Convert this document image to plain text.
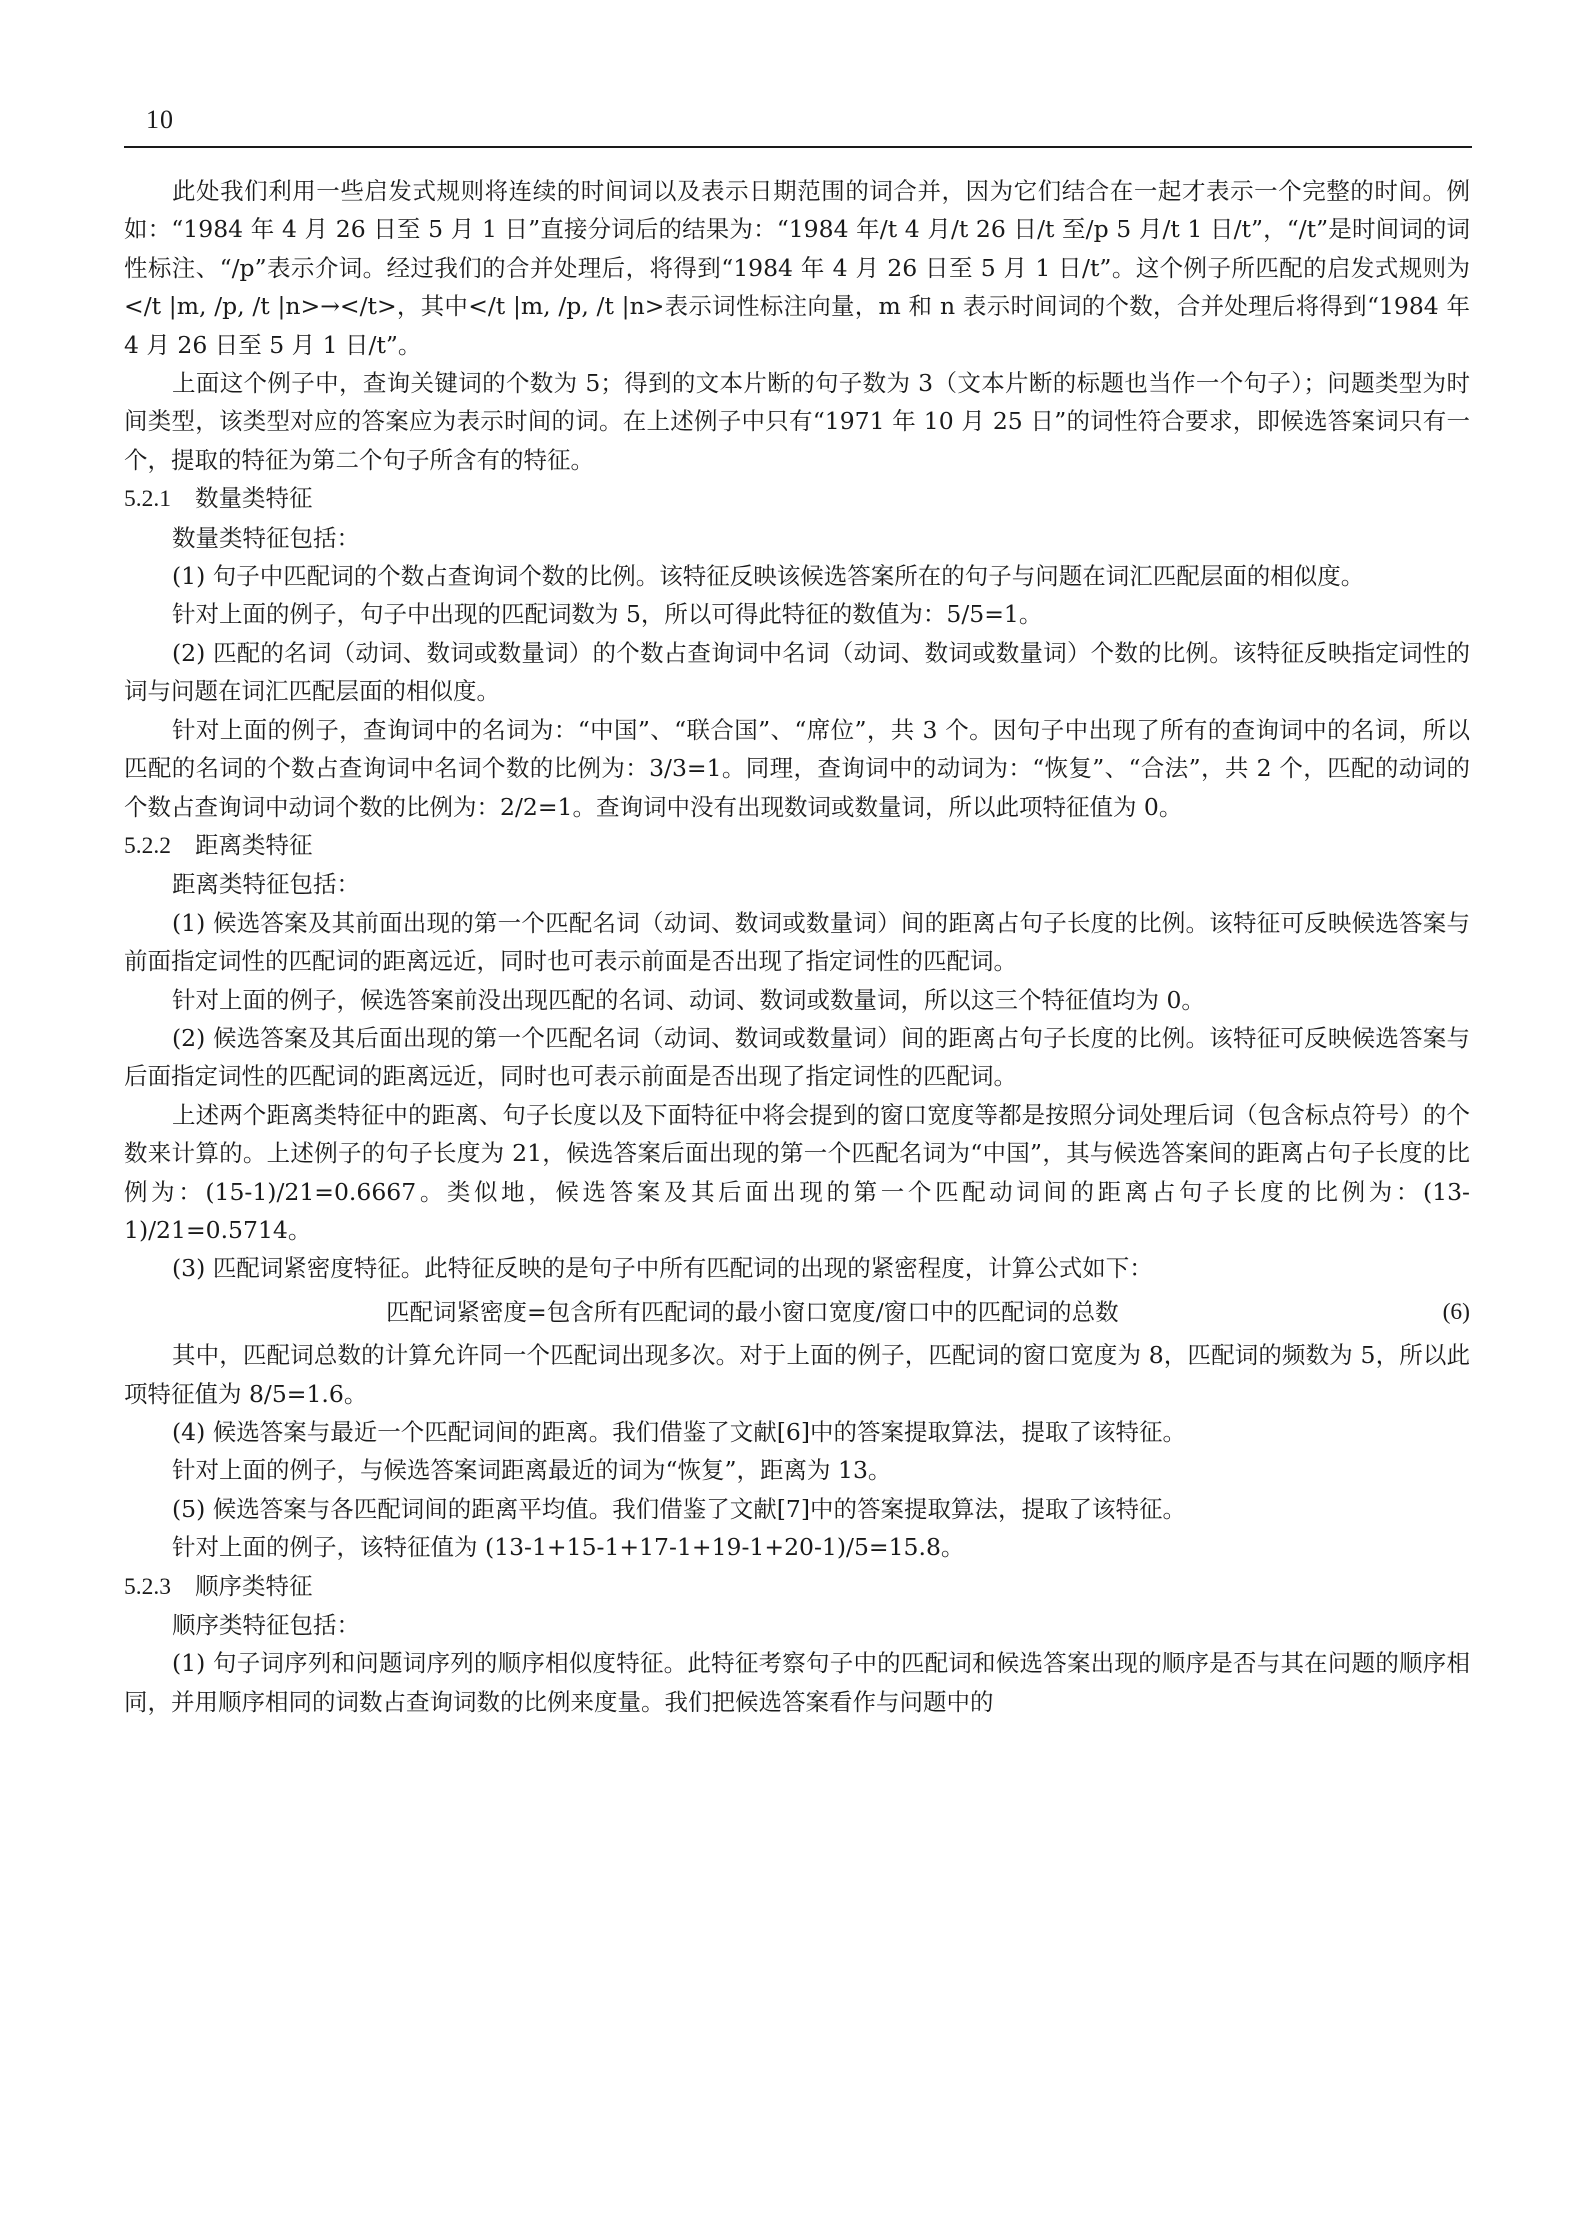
10

此处我们利用一些启发式规则将连续的时间词以及表示日期范围的词合并，因为它们结合在一起才表示一个完整的时间。例如：“1984 年 4 月 26 日至 5 月 1 日”直接分词后的结果为：“1984 年/t 4 月/t 26 日/t 至/p 5 月/t 1 日/t”，“/t”是时间词的词性标注、“/p”表示介词。经过我们的合并处理后，将得到“1984 年 4 月 26 日至 5 月 1 日/t”。这个例子所匹配的启发式规则为</t |m, /p, /t |n>→</t>，其中</t |m, /p, /t |n>表示词性标注向量，m 和 n 表示时间词的个数，合并处理后将得到“1984 年 4 月 26 日至 5 月 1 日/t”。

上面这个例子中，查询关键词的个数为 5；得到的文本片断的句子数为 3（文本片断的标题也当作一个句子）；问题类型为时间类型，该类型对应的答案应为表示时间的词。在上述例子中只有“1971 年 10 月 25 日”的词性符合要求，即候选答案词只有一个，提取的特征为第二个句子所含有的特征。

5.2.1 数量类特征

数量类特征包括：

(1) 句子中匹配词的个数占查询词个数的比例。该特征反映该候选答案所在的句子与问题在词汇匹配层面的相似度。

针对上面的例子，句子中出现的匹配词数为 5，所以可得此特征的数值为：5/5=1。

(2) 匹配的名词（动词、数词或数量词）的个数占查询词中名词（动词、数词或数量词）个数的比例。该特征反映指定词性的词与问题在词汇匹配层面的相似度。

针对上面的例子，查询词中的名词为：“中国”、“联合国”、“席位”，共 3 个。因句子中出现了所有的查询词中的名词，所以匹配的名词的个数占查询词中名词个数的比例为：3/3=1。同理，查询词中的动词为：“恢复”、“合法”，共 2 个，匹配的动词的个数占查询词中动词个数的比例为：2/2=1。查询词中没有出现数词或数量词，所以此项特征值为 0。

5.2.2 距离类特征

距离类特征包括：

(1) 候选答案及其前面出现的第一个匹配名词（动词、数词或数量词）间的距离占句子长度的比例。该特征可反映候选答案与前面指定词性的匹配词的距离远近，同时也可表示前面是否出现了指定词性的匹配词。

针对上面的例子，候选答案前没出现匹配的名词、动词、数词或数量词，所以这三个特征值均为 0。

(2) 候选答案及其后面出现的第一个匹配名词（动词、数词或数量词）间的距离占句子长度的比例。该特征可反映候选答案与后面指定词性的匹配词的距离远近，同时也可表示前面是否出现了指定词性的匹配词。

上述两个距离类特征中的距离、句子长度以及下面特征中将会提到的窗口宽度等都是按照分词处理后词（包含标点符号）的个数来计算的。上述例子的句子长度为 21，候选答案后面出现的第一个匹配名词为“中国”，其与候选答案间的距离占句子长度的比例为：(15-1)/21=0.6667。类似地，候选答案及其后面出现的第一个匹配动词间的距离占句子长度的比例为：(13-1)/21=0.5714。

(3) 匹配词紧密度特征。此特征反映的是句子中所有匹配词的出现的紧密程度，计算公式如下：

匹配词紧密度=包含所有匹配词的最小窗口宽度/窗口中的匹配词的总数	(6)

其中，匹配词总数的计算允许同一个匹配词出现多次。对于上面的例子，匹配词的窗口宽度为 8，匹配词的频数为 5，所以此项特征值为 8/5=1.6。

(4) 候选答案与最近一个匹配词间的距离。我们借鉴了文献[6]中的答案提取算法，提取了该特征。

针对上面的例子，与候选答案词距离最近的词为“恢复”，距离为 13。

(5) 候选答案与各匹配词间的距离平均值。我们借鉴了文献[7]中的答案提取算法，提取了该特征。

针对上面的例子，该特征值为 (13-1+15-1+17-1+19-1+20-1)/5=15.8。

5.2.3 顺序类特征

顺序类特征包括：

(1) 句子词序列和问题词序列的顺序相似度特征。此特征考察句子中的匹配词和候选答案出现的顺序是否与其在问题的顺序相同，并用顺序相同的词数占查询词数的比例来度量。我们把候选答案看作与问题中的
